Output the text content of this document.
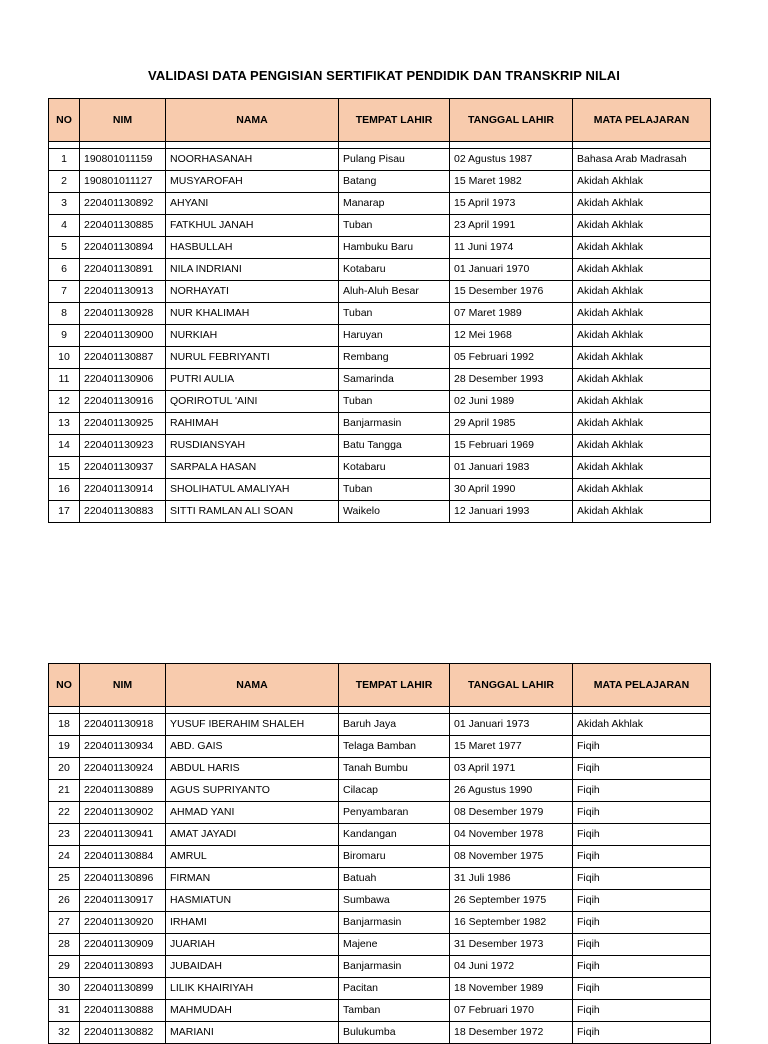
VALIDASI DATA PENGISIAN SERTIFIKAT PENDIDIK DAN TRANSKRIP NILAI
NO	NIM	NAMA	TEMPAT LAHIR	TANGGAL LAHIR	MATA PELAJARAN

1	190801011159	NOORHASANAH	Pulang Pisau	02 Agustus 1987	Bahasa Arab Madrasah
2	190801011127	MUSYAROFAH	Batang	15 Maret 1982	Akidah Akhlak
3	220401130892	AHYANI	Manarap	15 April 1973	Akidah Akhlak
4	220401130885	FATKHUL JANAH	Tuban	23 April 1991	Akidah Akhlak
5	220401130894	HASBULLAH	Hambuku Baru	11 Juni 1974	Akidah Akhlak
6	220401130891	NILA INDRIANI	Kotabaru	01 Januari 1970	Akidah Akhlak
7	220401130913	NORHAYATI	Aluh-Aluh Besar	15 Desember 1976	Akidah Akhlak
8	220401130928	NUR KHALIMAH	Tuban	07 Maret 1989	Akidah Akhlak
9	220401130900	NURKIAH	Haruyan	12 Mei 1968	Akidah Akhlak
10	220401130887	NURUL FEBRIYANTI	Rembang	05 Februari 1992	Akidah Akhlak
11	220401130906	PUTRI AULIA	Samarinda	28 Desember 1993	Akidah Akhlak
12	220401130916	QORIROTUL 'AINI	Tuban	02 Juni 1989	Akidah Akhlak
13	220401130925	RAHIMAH	Banjarmasin	29 April 1985	Akidah Akhlak
14	220401130923	RUSDIANSYAH	Batu Tangga	15 Februari 1969	Akidah Akhlak
15	220401130937	SARPALA HASAN	Kotabaru	01 Januari 1983	Akidah Akhlak
16	220401130914	SHOLIHATUL AMALIYAH	Tuban	30 April 1990	Akidah Akhlak
17	220401130883	SITTI RAMLAN ALI SOAN	Waikelo	12 Januari 1993	Akidah Akhlak
NO	NIM	NAMA	TEMPAT LAHIR	TANGGAL LAHIR	MATA PELAJARAN

18	220401130918	YUSUF IBERAHIM SHALEH	Baruh Jaya	01 Januari 1973	Akidah Akhlak
19	220401130934	ABD. GAIS	Telaga Bamban	15 Maret 1977	Fiqih
20	220401130924	ABDUL HARIS	Tanah Bumbu	03 April 1971	Fiqih
21	220401130889	AGUS SUPRIYANTO	Cilacap	26 Agustus 1990	Fiqih
22	220401130902	AHMAD YANI	Penyambaran	08 Desember 1979	Fiqih
23	220401130941	AMAT JAYADI	Kandangan	04 November 1978	Fiqih
24	220401130884	AMRUL	Biromaru	08 November 1975	Fiqih
25	220401130896	FIRMAN	Batuah	31 Juli 1986	Fiqih
26	220401130917	HASMIATUN	Sumbawa	26 September 1975	Fiqih
27	220401130920	IRHAMI	Banjarmasin	16 September 1982	Fiqih
28	220401130909	JUARIAH	Majene	31 Desember 1973	Fiqih
29	220401130893	JUBAIDAH	Banjarmasin	04 Juni 1972	Fiqih
30	220401130899	LILIK KHAIRIYAH	Pacitan	18 November 1989	Fiqih
31	220401130888	MAHMUDAH	Tamban	07 Februari 1970	Fiqih
32	220401130882	MARIANI	Bulukumba	18 Desember 1972	Fiqih
